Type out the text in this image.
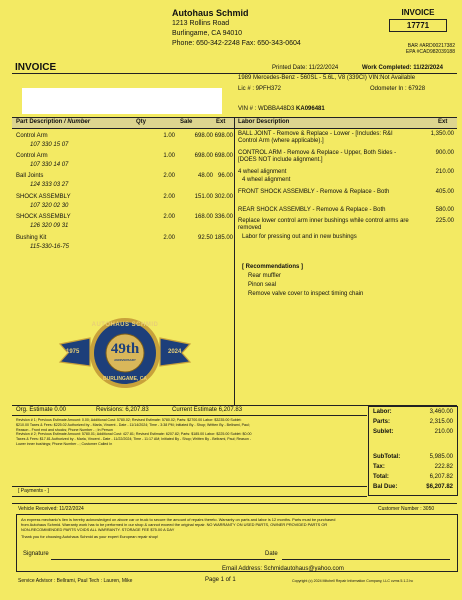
Autohaus Schmid
1213 Rollins Road
Burlingame, CA 94010
Phone: 650-342-2248 Fax: 650-343-0604
INVOICE
17771
BAR #ARD00217382
EPA #CAD982039188
INVOICE	Printed Date: 11/22/2024	Work Completed: 11/22/2024
1989 Mercedes-Benz - 560SL - 5.6L, V8 (339CI) VIN:Not Available
Lic # : 9PFH372	Odometer In : 67928
VIN # : WDBBA48D3 KA096481
Part Description / Number	Qty	Sale	Ext Labor Description	Ext
Control Arm
107 330 15 07
1.00	698.00 698.00
Control Arm
107 330 14 07
1.00	698.00 698.00
Ball Joints
124 333 03 27
2.00	48.00 96.00
SHOCK ASSEMBLY
107 320 02 30
2.00	151.00 302.00
SHOCK ASSEMBLY
126 320 09 31
2.00	168.00 336.00
Bushing Kit
115-330-16-75
2.00	92.50 185.00
BALL JOINT - Remove & Replace - Lower - [Includes: R&I Control Arm (where applicable).]
1,350.00
CONTROL ARM - Remove & Replace - Upper, Both Sides - [DOES NOT include alignment.]
900.00
4 wheel alignment
4 wheel alignment
210.00
FRONT SHOCK ASSEMBLY - Remove & Replace - Both	405.00
REAR SHOCK ASSEMBLY - Remove & Replace - Both	580.00
Replace lower control arm inner bushings while control arms are removed
Labor for pressing out and in new bushings
225.00
[ Recommendations ]
Rear muffler
Pinon seal
Remove valve cover to inspect timing chain
AUTOHAUS SCHMID
49th
ANNIVERSARY
BURLINGAME, CA
1975	2024
Org. Estimate 0.00	Revisions: 6,207.83	Current Estimate 6,207.83
Revision # 1; Previous Estimate Amount: 0.00; Additional Cost: 5780.02; Revised Estimate: 5780.02; Parts: $2700.00 Labor: $3235.00 Sublet:
$210.00 Taxes & Fees: $225.02 Authorized by - Marla, Vincent - Date - 11/14/2024; Time - 3:38 PM; Initiated By - Shop; Written By - Bellrami, Paul;
Reason - Front end and shocks; Phone Number - ; In Person
Revision # 2; Previous Estimate Amount: 5780.01; Additional Cost: 427.81; Revised Estimate: 6207.82; Parts: $185.00 Labor: $225.00 Sublet: $0.00
Taxes & Fees: $17.81 Authorized by - Marla, Vincent - Date - 11/22/2024; Time - 11:17 AM; Initiated By - Shop; Written By - Bellrami, Paul; Reason -
Lower inner bushings; Phone Number - ; Customer Called In
[ Payments - ]
Labor:	3,460.00
Parts:	2,315.00
Sublet:	210.00
SubTotal:	5,985.00
Tax:	222.82
Total:	6,207.82
Bal Due:	$6,207.82
Vehicle Received: 11/22/2024	Customer Number : 3050
An express mechanic's lien is hereby acknowledged on above car or truck to secure the amount of repairs thereto. Warranty on parts and labor is 12 months. Parts must be purchased
from Autohaus Schmid. Warranty work has to be performed in our shop & cannot exceed the original repair. NO WARRANTY ON USED PARTS, OWNER PROVIDED PARTS OR
NON-RECOMMENDED PARTS VOIDS ALL WARRANTY. STORAGE FEE $75.00 A DAY
Thank you for choosing Autohaus Schmid as your expert European repair shop!
Signature	Date
Email Address: Schmidautohaus@yahoo.com
Service Advisor : Bellrami, Paul Tech : Lauren, Mike	Page 1 of 1	Copyright (c) 2024 Mitchell Repair Information Company, LLC cvms 5.1.2.hc
